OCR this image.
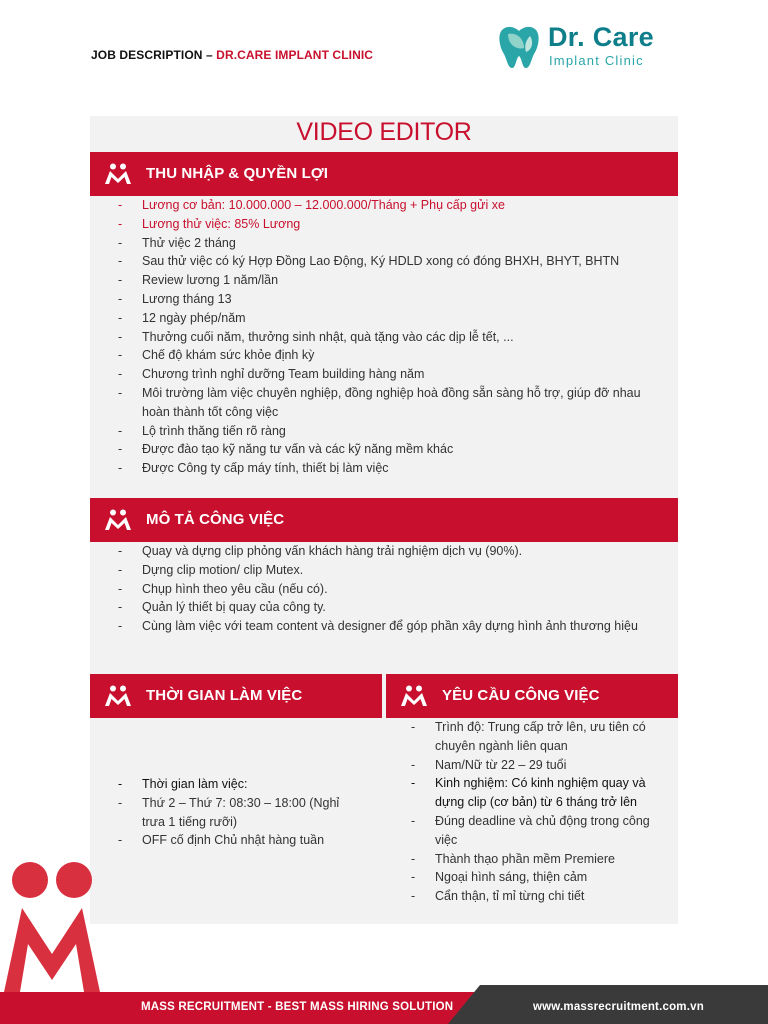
JOB DESCRIPTION – DR.CARE IMPLANT CLINIC
Dr. Care
Implant Clinic
VIDEO EDITOR
THU NHẬP & QUYỀN LỢI
- Lương cơ bản: 10.000.000 – 12.000.000/Tháng + Phụ cấp gửi xe
- Lương thử việc: 85% Lương
- Thử việc 2 tháng
- Sau thử việc có ký Hợp Đồng Lao Động, Ký HDLD xong có đóng BHXH, BHYT, BHTN
- Review lương 1 năm/lần
- Lương tháng 13
- 12 ngày phép/năm
- Thưởng cuối năm, thưởng sinh nhật, quà tặng vào các dịp lễ tết, ...
- Chế độ khám sức khỏe định kỳ
- Chương trình nghỉ dưỡng Team building hàng năm
- Môi trường làm việc chuyên nghiệp, đồng nghiệp hoà đồng sẵn sàng hỗ trợ, giúp đỡ nhau hoàn thành tốt công việc
- Lộ trình thăng tiến rõ ràng
- Được đào tạo kỹ năng tư vấn và các kỹ năng mềm khác
- Được Công ty cấp máy tính, thiết bị làm việc
MÔ TẢ CÔNG VIỆC
- Quay và dựng clip phỏng vấn khách hàng trải nghiệm dịch vụ (90%).
- Dựng clip motion/ clip Mutex.
- Chụp hình theo yêu cầu (nếu có).
- Quản lý thiết bị quay của công ty.
- Cùng làm việc với team content và designer để góp phần xây dựng hình ảnh thương hiệu
THỜI GIAN LÀM VIỆC
- Thời gian làm việc:
- Thứ 2 – Thứ 7: 08:30 – 18:00 (Nghỉ trưa 1 tiếng rưỡi)
- OFF cố định Chủ nhật hàng tuần
YÊU CẦU CÔNG VIỆC
- Trình độ: Trung cấp trở lên, ưu tiên có chuyên ngành liên quan
- Nam/Nữ từ 22 – 29 tuổi
- Kinh nghiệm: Có kinh nghiệm quay và dựng clip (cơ bản) từ 6 tháng trở lên
- Đúng deadline và chủ động trong công việc
- Thành thạo phần mềm Premiere
- Ngoại hình sáng, thiện cảm
- Cẩn thận, tỉ mỉ từng chi tiết
MASS RECRUITMENT - BEST MASS HIRING SOLUTION	www.massrecruitment.com.vn
